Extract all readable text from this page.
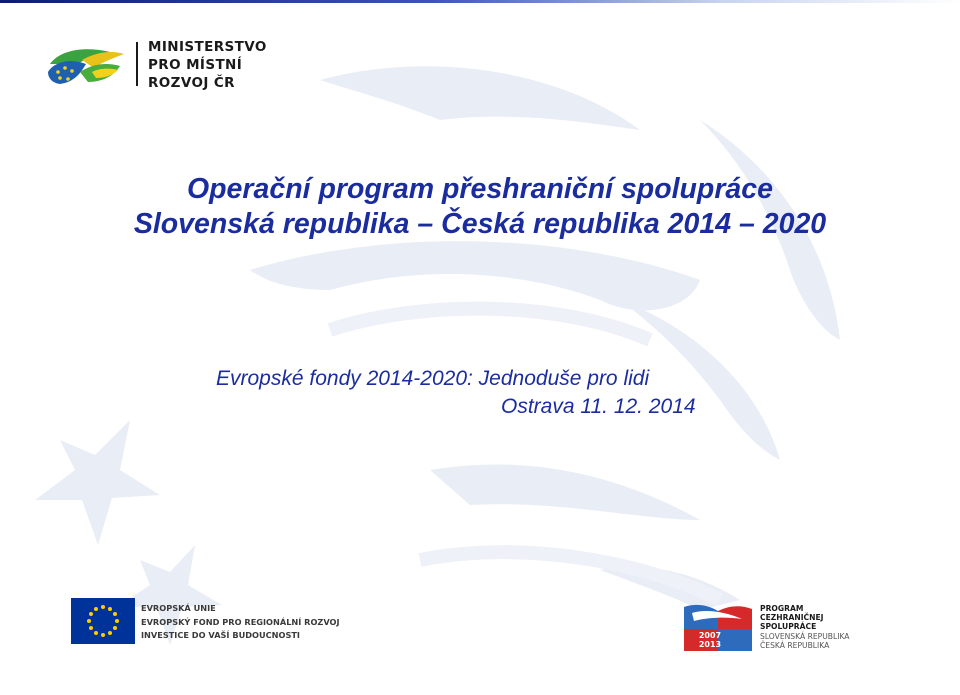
MINISTERSTVO
PRO MÍSTNÍ
ROZVOJ ČR
Operační program přeshraniční spolupráce
Slovenská republika – Česká republika 2014 – 2020
Evropské fondy 2014-2020: Jednoduše pro lidi
Ostrava 11. 12. 2014
EVROPSKÁ UNIE
EVROPSKÝ FOND PRO REGIONÁLNÍ ROZVOJ
INVESTICE DO VAŠÍ BUDOUCNOSTI	2007
2013
PROGRAM
CEZHRANIČNEJ
SPOLUPRÁCE
SLOVENSKÁ REPUBLIKA
ČESKÁ REPUBLIKA
